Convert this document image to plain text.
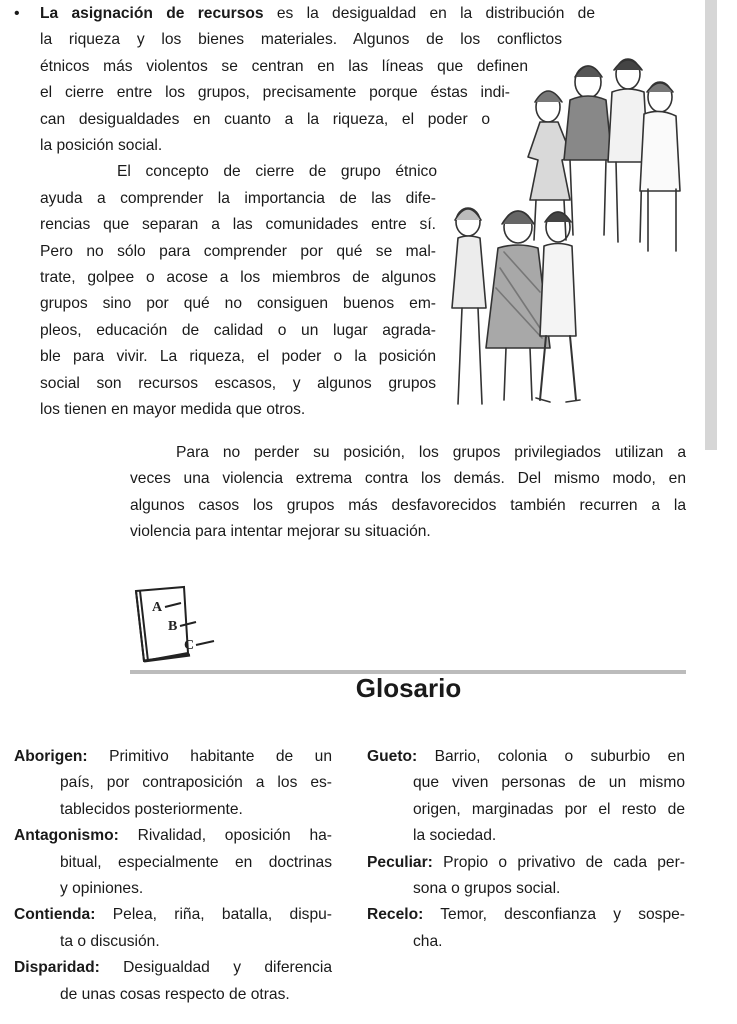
• La asignación de recursos es la desigualdad en la distribución de
la riqueza y los bienes materiales. Algunos de los conflictos
étnicos más violentos se centran en las líneas que definen
el cierre entre los grupos, precisamente porque éstas indi-
can desigualdades en cuanto a la riqueza, el poder o
la posición social.
El concepto de cierre de grupo étnico
ayuda a comprender la importancia de las dife-
rencias que separan a las comunidades entre sí.
Pero no sólo para comprender por qué se mal-
trate, golpee o acose a los miembros de algunos
grupos sino por qué no consiguen buenos em-
pleos, educación de calidad o un lugar agrada-
ble para vivir. La riqueza, el poder o la posición
social son recursos escasos, y algunos grupos
los tienen en mayor medida que otros.
Para no perder su posición, los grupos privilegiados utilizan a
veces una violencia extrema contra los demás. Del mismo modo, en
algunos casos los grupos más desfavorecidos también recurren a la
violencia para intentar mejorar su situación.
A
B
C
Glosario

Aborigen: Primitivo habitante de un
país, por contraposición a los es-
tablecidos posteriormente.

Antagonismo: Rivalidad, oposición ha-
bitual, especialmente en doctrinas
y opiniones.

Contienda: Pelea, riña, batalla, dispu-
ta o discusión.

Disparidad: Desigualdad y diferencia
de unas cosas respecto de otras.

Gueto: Barrio, colonia o suburbio en
que viven personas de un mismo
origen, marginadas por el resto de
la sociedad.

Peculiar: Propio o privativo de cada per-
sona o grupos social.

Recelo: Temor, desconfianza y sospe-
cha.
